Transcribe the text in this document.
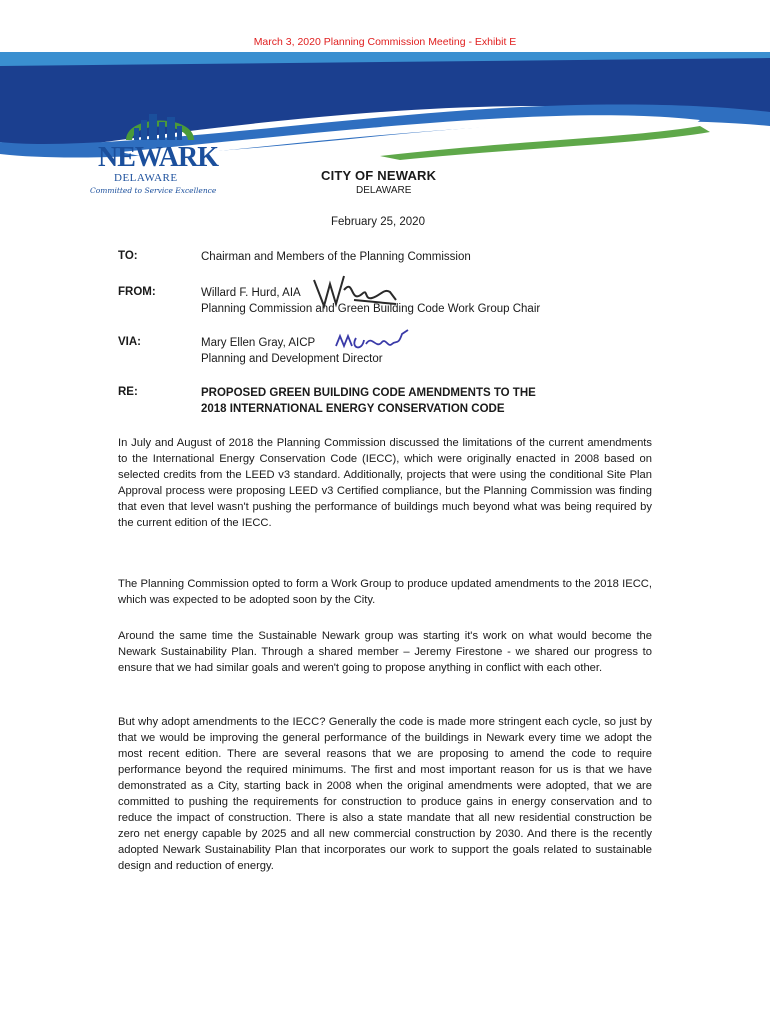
March 3, 2020 Planning Commission Meeting - Exhibit E
NEWARK
DELAWARE
Committed to Service Excellence
CITY OF NEWARK
DELAWARE
February 25, 2020
TO:	Chairman and Members of the Planning Commission
FROM:	Willard F. Hurd, AIA
Planning Commission and Green Building Code Work Group Chair
VIA:	Mary Ellen Gray, AICP
Planning and Development Director
RE:	PROPOSED GREEN BUILDING CODE AMENDMENTS TO THE
2018 INTERNATIONAL ENERGY CONSERVATION CODE

In July and August of 2018 the Planning Commission discussed the limitations of the current amendments to the International Energy Conservation Code (IECC), which were originally enacted in 2008 based on selected credits from the LEED v3 standard. Additionally, projects that were using the conditional Site Plan Approval process were proposing LEED v3 Certified compliance, but the Planning Commission was finding that even that level wasn't pushing the performance of buildings much beyond what was being required by the current edition of the IECC.

The Planning Commission opted to form a Work Group to produce updated amendments to the 2018 IECC, which was expected to be adopted soon by the City.

Around the same time the Sustainable Newark group was starting it's work on what would become the Newark Sustainability Plan. Through a shared member – Jeremy Firestone - we shared our progress to ensure that we had similar goals and weren't going to propose anything in conflict with each other.

But why adopt amendments to the IECC? Generally the code is made more stringent each cycle, so just by that we would be improving the general performance of the buildings in Newark every time we adopt the most recent edition. There are several reasons that we are proposing to amend the code to require performance beyond the required minimums. The first and most important reason for us is that we have demonstrated as a City, starting back in 2008 when the original amendments were adopted, that we are committed to pushing the requirements for construction to produce gains in energy conservation and to reduce the impact of construction. There is also a state mandate that all new residential construction be zero net energy capable by 2025 and all new commercial construction by 2030. And there is the recently adopted Newark Sustainability Plan that incorporates our work to support the goals related to sustainable design and reduction of energy.
